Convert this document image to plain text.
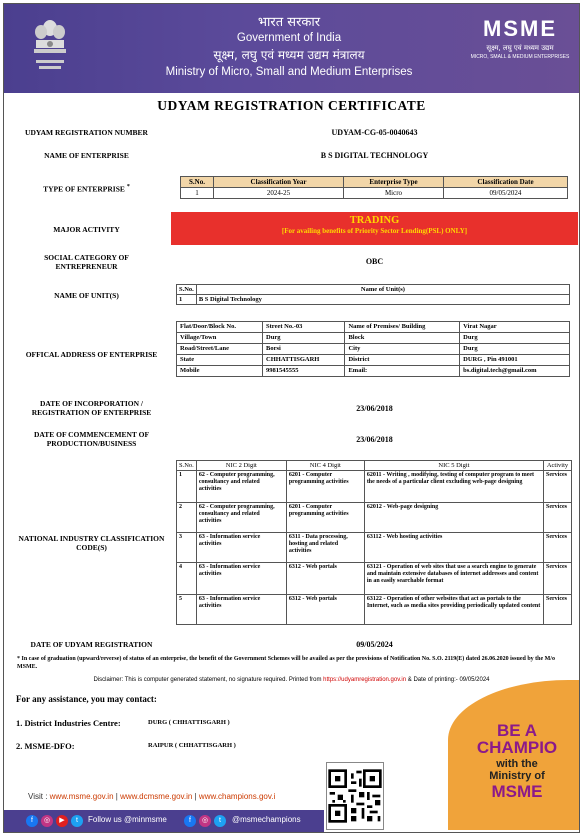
भारत सरकार
Government of India
सूक्ष्म, लघु एवं मध्यम उद्यम मंत्रालय
Ministry of Micro, Small and Medium Enterprises
MSME
सूक्ष्म, लघु एवं मध्यम उद्यम
MICRO, SMALL & MEDIUM ENTERPRISES
UDYAM REGISTRATION CERTIFICATE
UDYAM REGISTRATION NUMBER	UDYAM-CG-05-0040643
NAME OF ENTERPRISE	B S DIGITAL TECHNOLOGY
TYPE OF ENTERPRISE *
S.No.	Classification Year	Enterprise Type	Classification Date
1	2024-25	Micro	09/05/2024
MAJOR ACTIVITY
TRADING
[For availing benefits of Priority Sector Lending(PSL) ONLY]
SOCIAL CATEGORY OF ENTREPRENEUR
OBC
NAME OF UNIT(S)
S.No.	Name of Unit(s)
1	B S Digital Technology
OFFICAL ADDRESS OF ENTERPRISE
Flat/Door/Block No.	Street No.-03	Name of Premises/ Building	Virat Nagar
Village/Town	Durg	Block	Durg
Road/Street/Lane	Borsi	City	Durg
State	CHHATTISGARH	District	DURG , Pin 491001
Mobile	9981545555	Email:	bs.digital.tech@gmail.com
DATE OF INCORPORATION / REGISTRATION OF ENTERPRISE	23/06/2018
DATE OF COMMENCEMENT OF PRODUCTION/BUSINESS	23/06/2018
NATIONAL INDUSTRY CLASSIFICATION CODE(S)
S.No.	NIC 2 Digit	NIC 4 Digit	NIC 5 Digit	Activity
1	62 - Computer programming, consultancy and related activities	6201 - Computer programming activities	62011 - Writing , modifying, testing of computer program to meet the needs of a particular client excluding web-page designing	Services
2	62 - Computer programming, consultancy and related activities	6201 - Computer programming activities	62012 - Web-page designing	Services
3	63 - Information service activities	6311 - Data processing, hosting and related activities	63112 - Web hosting activities	Services
4	63 - Information service activities	6312 - Web portals	63121 - Operation of web sites that use a search engine to generate and maintain extensive databases of internet addresses and content in an easily searchable format	Services
5	63 - Information service activities	6312 - Web portals	63122 - Operation of other websites that act as portals to the Internet, such as media sites providing periodically updated content	Services
DATE OF UDYAM REGISTRATION	09/05/2024
* In case of graduation (upward/reverse) of status of an enterprise, the benefit of the Government Schemes will be availed as per the provisions of Notification No. S.O. 2119(E) dated 26.06.2020 issued by the M/o MSME.
Disclaimer: This is computer generated statement, no signature required. Printed from https://udyamregistration.gov.in & Date of printing:- 09/05/2024
For any assistance, you may contact:
1. District Industries Centre:	DURG ( CHHATTISGARH )
2. MSME-DFO:	RAIPUR ( CHHATTISGARH )
BE A
CHAMPIO
with the
Ministry of
MSME
Visit : www.msme.gov.in | www.dcmsme.gov.in | www.champions.gov.i
f	◎	▶	t	Follow us @minmsme	f	◎	t	@msmechampions
